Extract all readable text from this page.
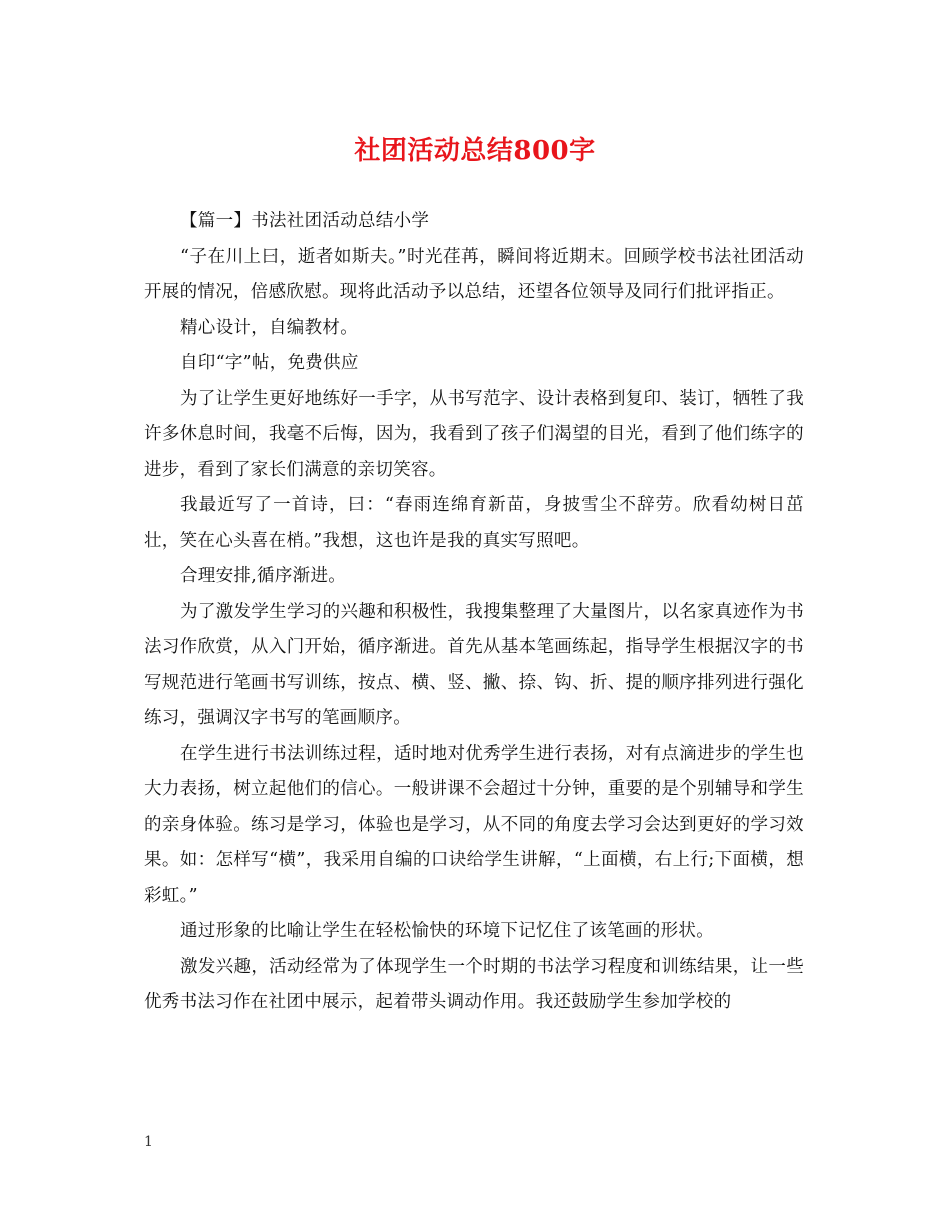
社团活动总结800字

【篇一】书法社团活动总结小学

“子在川上曰，逝者如斯夫。”时光荏苒，瞬间将近期末。回顾学校书法社团活动开展的情况，倍感欣慰。现将此活动予以总结，还望各位领导及同行们批评指正。

精心设计，自编教材。

自印“字”帖，免费供应

为了让学生更好地练好一手字，从书写范字、设计表格到复印、装订，牺牲了我许多休息时间，我毫不后悔，因为，我看到了孩子们渴望的目光，看到了他们练字的进步，看到了家长们满意的亲切笑容。

我最近写了一首诗，曰：“春雨连绵育新苗，身披雪尘不辞劳。欣看幼树日茁壮，笑在心头喜在梢。”我想，这也许是我的真实写照吧。

合理安排,循序渐进。

为了激发学生学习的兴趣和积极性，我搜集整理了大量图片，以名家真迹作为书法习作欣赏，从入门开始，循序渐进。首先从基本笔画练起，指导学生根据汉字的书写规范进行笔画书写训练，按点、横、竖、撇、捺、钩、折、提的顺序排列进行强化练习，强调汉字书写的笔画顺序。

在学生进行书法训练过程，适时地对优秀学生进行表扬，对有点滴进步的学生也大力表扬，树立起他们的信心。一般讲课不会超过十分钟，重要的是个别辅导和学生的亲身体验。练习是学习，体验也是学习，从不同的角度去学习会达到更好的学习效果。如：怎样写“横”，我采用自编的口诀给学生讲解，“上面横，右上行;下面横，想彩虹。”

通过形象的比喻让学生在轻松愉快的环境下记忆住了该笔画的形状。

激发兴趣，活动经常为了体现学生一个时期的书法学习程度和训练结果，让一些优秀书法习作在社团中展示，起着带头调动作用。我还鼓励学生参加学校的

1
